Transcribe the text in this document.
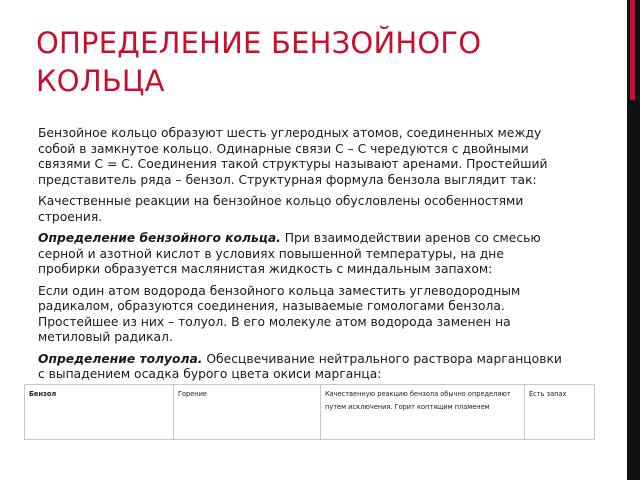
ОПРЕДЕЛЕНИЕ БЕНЗОЙНОГО КОЛЬЦА

Бензойное кольцо образуют шесть углеродных атомов, соединенных между собой в замкнутое кольцо. Одинарные связи С – С чередуются с двойными связями С = С. Соединения такой структуры называют аренами. Простейший представитель ряда – бензол. Структурная формула бензола выглядит так:

Качественные реакции на бензойное кольцо обусловлены особенностями строения.

Определение бензойного кольца. При взаимодействии аренов со смесью серной и азотной кислот в условиях повышенной температуры, на дне пробирки образуется маслянистая жидкость с миндальным запахом:

Если один атом водорода бензойного кольца заместить углеводородным радикалом, образуются соединения, называемые гомологами бензола. Простейшее из них – толуол. В его молекуле атом водорода заменен на метиловый радикал.

Определение толуола. Обесцвечивание нейтрального раствора марганцовки с выпадением осадка бурого цвета окиси марганца:

Бензол	Горение	Качественную реакцию бензола обычно определяют путем исключения. Горит коптящим пламенем	Есть запах
